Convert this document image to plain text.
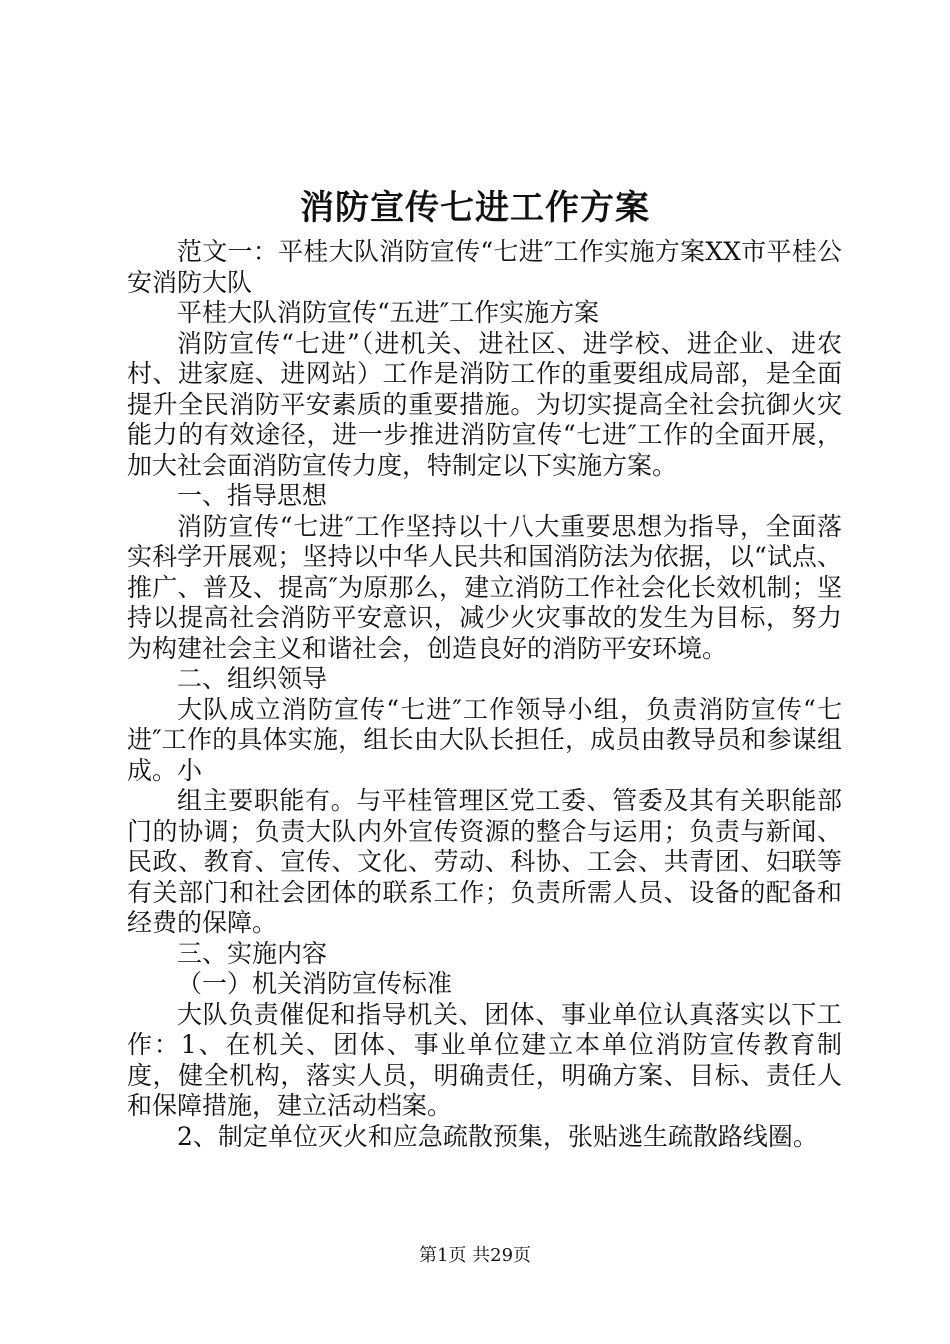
消防宣传七进工作方案

范文一：平桂大队消防宣传“七进″工作实施方案XX市平桂公安消防大队

平桂大队消防宣传“五进″工作实施方案

消防宣传“七进”（进机关、进社区、进学校、进企业、进农村、进家庭、进网站）工作是消防工作的重要组成局部，是全面提升全民消防平安素质的重要措施。为切实提高全社会抗御火灾能力的有效途径，进一步推进消防宣传“七进″工作的全面开展，加大社会面消防宣传力度，特制定以下实施方案。

一、指导思想

消防宣传“七进″工作坚持以十八大重要思想为指导，全面落实科学开展观；坚持以中华人民共和国消防法为依据，以“试点、推广、普及、提高″为原那么，建立消防工作社会化长效机制；坚持以提高社会消防平安意识，减少火灾事故的发生为目标，努力为构建社会主义和谐社会，创造良好的消防平安环境。

二、组织领导

大队成立消防宣传“七进″工作领导小组，负责消防宣传“七进″工作的具体实施，组长由大队长担任，成员由教导员和参谋组成。小

组主要职能有。与平桂管理区党工委、管委及其有关职能部门的协调；负责大队内外宣传资源的整合与运用；负责与新闻、民政、教育、宣传、文化、劳动、科协、工会、共青团、妇联等有关部门和社会团体的联系工作；负责所需人员、设备的配备和经费的保障。

三、实施内容

（一）机关消防宣传标准

大队负责催促和指导机关、团体、事业单位认真落实以下工作：1、在机关、团体、事业单位建立本单位消防宣传教育制度，健全机构，落实人员，明确责任，明确方案、目标、责任人和保障措施，建立活动档案。

2、制定单位灭火和应急疏散预集，张贴逃生疏散路线圈。

第1页 共29页
